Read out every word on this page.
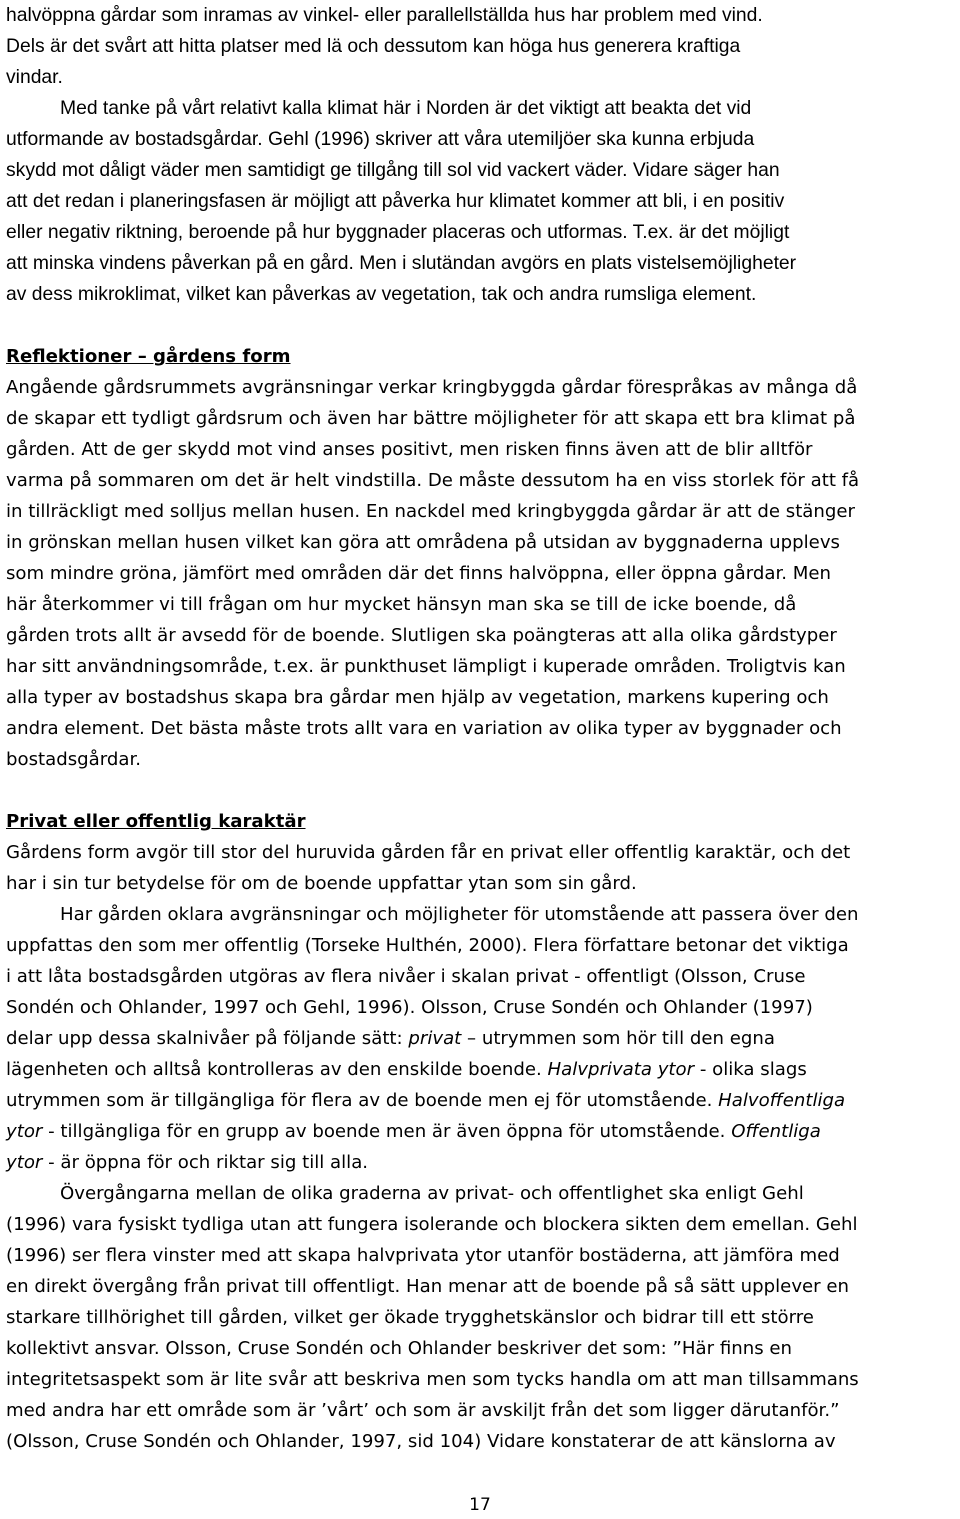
halvöppna gårdar som inramas av vinkel- eller parallellställda hus har problem med vind.
Dels är det svårt att hitta platser med lä och dessutom kan höga hus generera kraftiga
vindar.
Med tanke på vårt relativt kalla klimat här i Norden är det viktigt att beakta det vid
utformande av bostadsgårdar. Gehl (1996) skriver att våra utemiljöer ska kunna erbjuda
skydd mot dåligt väder men samtidigt ge tillgång till sol vid vackert väder. Vidare säger han
att det redan i planeringsfasen är möjligt att påverka hur klimatet kommer att bli, i en positiv
eller negativ riktning, beroende på hur byggnader placeras och utformas. T.ex. är det möjligt
att minska vindens påverkan på en gård. Men i slutändan avgörs en plats vistelsemöjligheter
av dess mikroklimat, vilket kan påverkas av vegetation, tak och andra rumsliga element.
Reflektioner – gårdens form
Angående gårdsrummets avgränsningar verkar kringbyggda gårdar förespråkas av många då
de skapar ett tydligt gårdsrum och även har bättre möjligheter för att skapa ett bra klimat på
gården. Att de ger skydd mot vind anses positivt, men risken finns även att de blir alltför
varma på sommaren om det är helt vindstilla. De måste dessutom ha en viss storlek för att få
in tillräckligt med solljus mellan husen. En nackdel med kringbyggda gårdar är att de stänger
in grönskan mellan husen vilket kan göra att områdena på utsidan av byggnaderna upplevs
som mindre gröna, jämfört med områden där det finns halvöppna, eller öppna gårdar. Men
här återkommer vi till frågan om hur mycket hänsyn man ska se till de icke boende, då
gården trots allt är avsedd för de boende. Slutligen ska poängteras att alla olika gårdstyper
har sitt användningsområde, t.ex. är punkthuset lämpligt i kuperade områden. Troligtvis kan
alla typer av bostadshus skapa bra gårdar men hjälp av vegetation, markens kupering och
andra element. Det bästa måste trots allt vara en variation av olika typer av byggnader och
bostadsgårdar.
Privat eller offentlig karaktär
Gårdens form avgör till stor del huruvida gården får en privat eller offentlig karaktär, och det
har i sin tur betydelse för om de boende uppfattar ytan som sin gård.
Har gården oklara avgränsningar och möjligheter för utomstående att passera över den
uppfattas den som mer offentlig (Torseke Hulthén, 2000). Flera författare betonar det viktiga
i att låta bostadsgården utgöras av flera nivåer i skalan privat - offentligt (Olsson, Cruse
Sondén och Ohlander, 1997 och Gehl, 1996). Olsson, Cruse Sondén och Ohlander (1997)
delar upp dessa skalnivåer på följande sätt: privat – utrymmen som hör till den egna
lägenheten och alltså kontrolleras av den enskilde boende. Halvprivata ytor - olika slags
utrymmen som är tillgängliga för flera av de boende men ej för utomstående. Halvoffentliga
ytor - tillgängliga för en grupp av boende men är även öppna för utomstående. Offentliga
ytor - är öppna för och riktar sig till alla.
Övergångarna mellan de olika graderna av privat- och offentlighet ska enligt Gehl
(1996) vara fysiskt tydliga utan att fungera isolerande och blockera sikten dem emellan. Gehl
(1996) ser flera vinster med att skapa halvprivata ytor utanför bostäderna, att jämföra med
en direkt övergång från privat till offentligt. Han menar att de boende på så sätt upplever en
starkare tillhörighet till gården, vilket ger ökade trygghetskänslor och bidrar till ett större
kollektivt ansvar. Olsson, Cruse Sondén och Ohlander beskriver det som: ”Här finns en
integritetsaspekt som är lite svår att beskriva men som tycks handla om att man tillsammans
med andra har ett område som är ’vårt’ och som är avskiljt från det som ligger därutanför.”
(Olsson, Cruse Sondén och Ohlander, 1997, sid 104) Vidare konstaterar de att känslorna av
17
